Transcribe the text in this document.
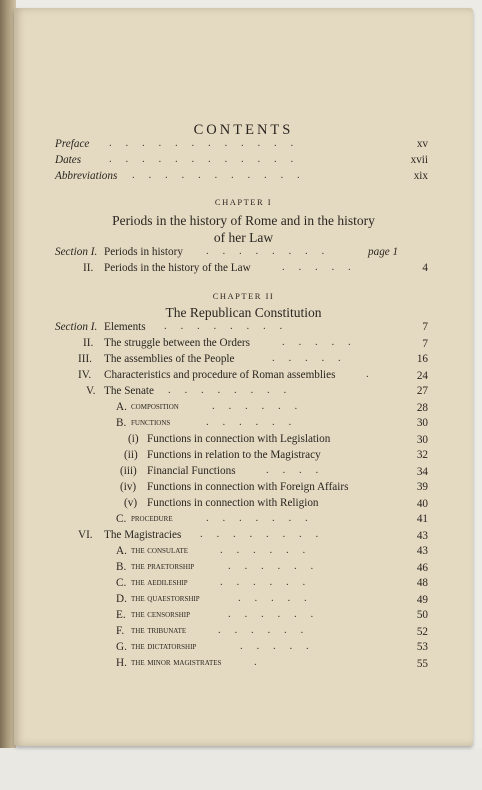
CONTENTS
Preface .     .     .     .     .     .     .     .     .     .     .     .	xv
Dates	.     .     .     .     .     .     .     .     .     .     .     .	xvii
Abbreviations .     .     .     .     .     .     .     .     .     .     .	xix
CHAPTER I
Periods in the history of Rome and in the history
of her Law
Section I. Periods in history .     .     .     .     .     .     .     .	page 1
II. Periods in the history of the Law	.     .     .     .     .	4
CHAPTER II
The Republican Constitution
Section I. Elements .     .     .     .     .     .     .     .	7
II. The struggle between the Orders	.     .     .     .     .	7
III. The assemblies of the People	.     .     .     .     .	16
IV. Characteristics and procedure of Roman assemblies	.	24
V. The Senate .     .     .     .     .     .     .     .	27
A. composition	.     .     .     .     .     .	28
B. functions	.     .     .     .     .     .	30
(i) Functions in connection with Legislation	30
(ii) Functions in relation to the Magistracy	32
(iii) Financial Functions	.     .     .     .	34
(iv) Functions in connection with Foreign Affairs	39
(v) Functions in connection with Religion	40
C. procedure	.     .     .     .     .     .     .	41
VI. The Magistracies .     .     .     .     .     .     .     .	43
A. the consulate	.     .     .     .     .     .	43
B. the praetorship	.     .     .     .     .     .	46
C. the aedileship	.     .     .     .     .     .	48
D. the quaestorship	.     .     .     .     .	49
E. the censorship	.     .     .     .     .     .	50
F. the tribunate	.     .     .     .     .     .	52
G. the dictatorship	.     .     .     .     .	53
H. the minor magistrates	.	55
